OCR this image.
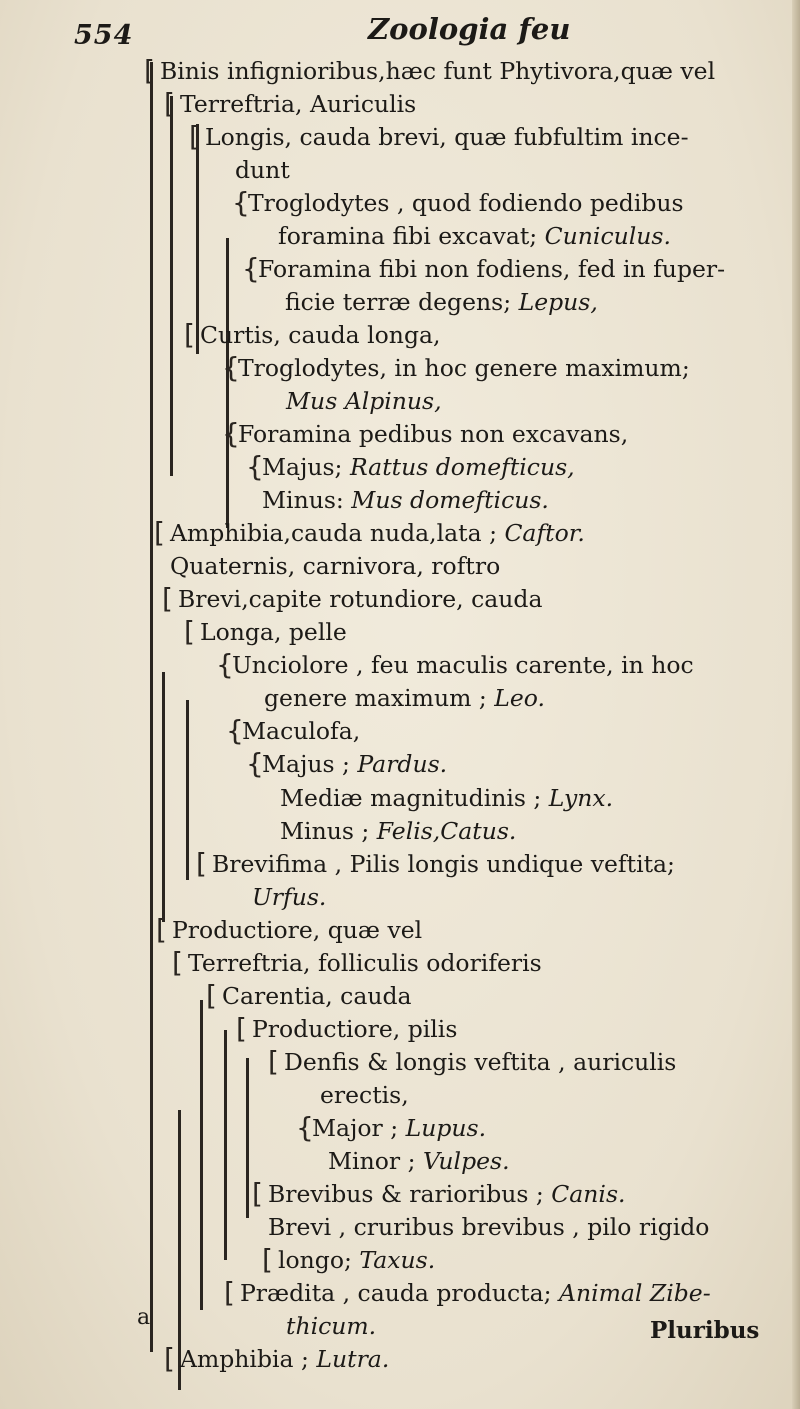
554	Zoologia feu
[ Binis infignioribus,hæc funt Phytivora,quæ vel
[ Terreftria, Auriculis
[ Longis, cauda brevi, quæ fubfultim ince-
dunt
{
Troglodytes , quod fodiendo pedibus
foramina fibi excavat; Cuniculus.
{
Foramina fibi non fodiens, fed in fuper-
ficie terræ degens; Lepus,
[ Curtis, cauda longa,
{
Troglodytes, in hoc genere maximum;
Mus Alpinus,
{
Foramina pedibus non excavans,
{
Majus; Rattus domefticus,
Minus: Mus domefticus.
[ Amphibia,cauda nuda,lata ; Caftor.
Quaternis, carnivora, roftro
[ Brevi,capite rotundiore, cauda
[ Longa, pelle
{
Unciolore , feu maculis carente, in hoc
genere maximum ; Leo.
{
Maculofa,
{
Majus ; Pardus.
Mediæ magnitudinis ; Lynx.
Minus ; Felis,Catus.
[ Brevifima , Pilis longis undique veftita;
Urfus.
[ Productiore, quæ vel
[ Terreftria, folliculis odoriferis
[ Carentia, cauda
[ Productiore, pilis
[ Denfis & longis veftita , auriculis
erectis,
{
Major ; Lupus.
Minor ; Vulpes.
[ Brevibus & rarioribus ; Canis.
Brevi , cruribus brevibus , pilo rigido
[ longo; Taxus.
[ Prædita , cauda producta; Animal Zibe-
thicum.
[ Amphibia ; Lutra.
a	Pluribus
